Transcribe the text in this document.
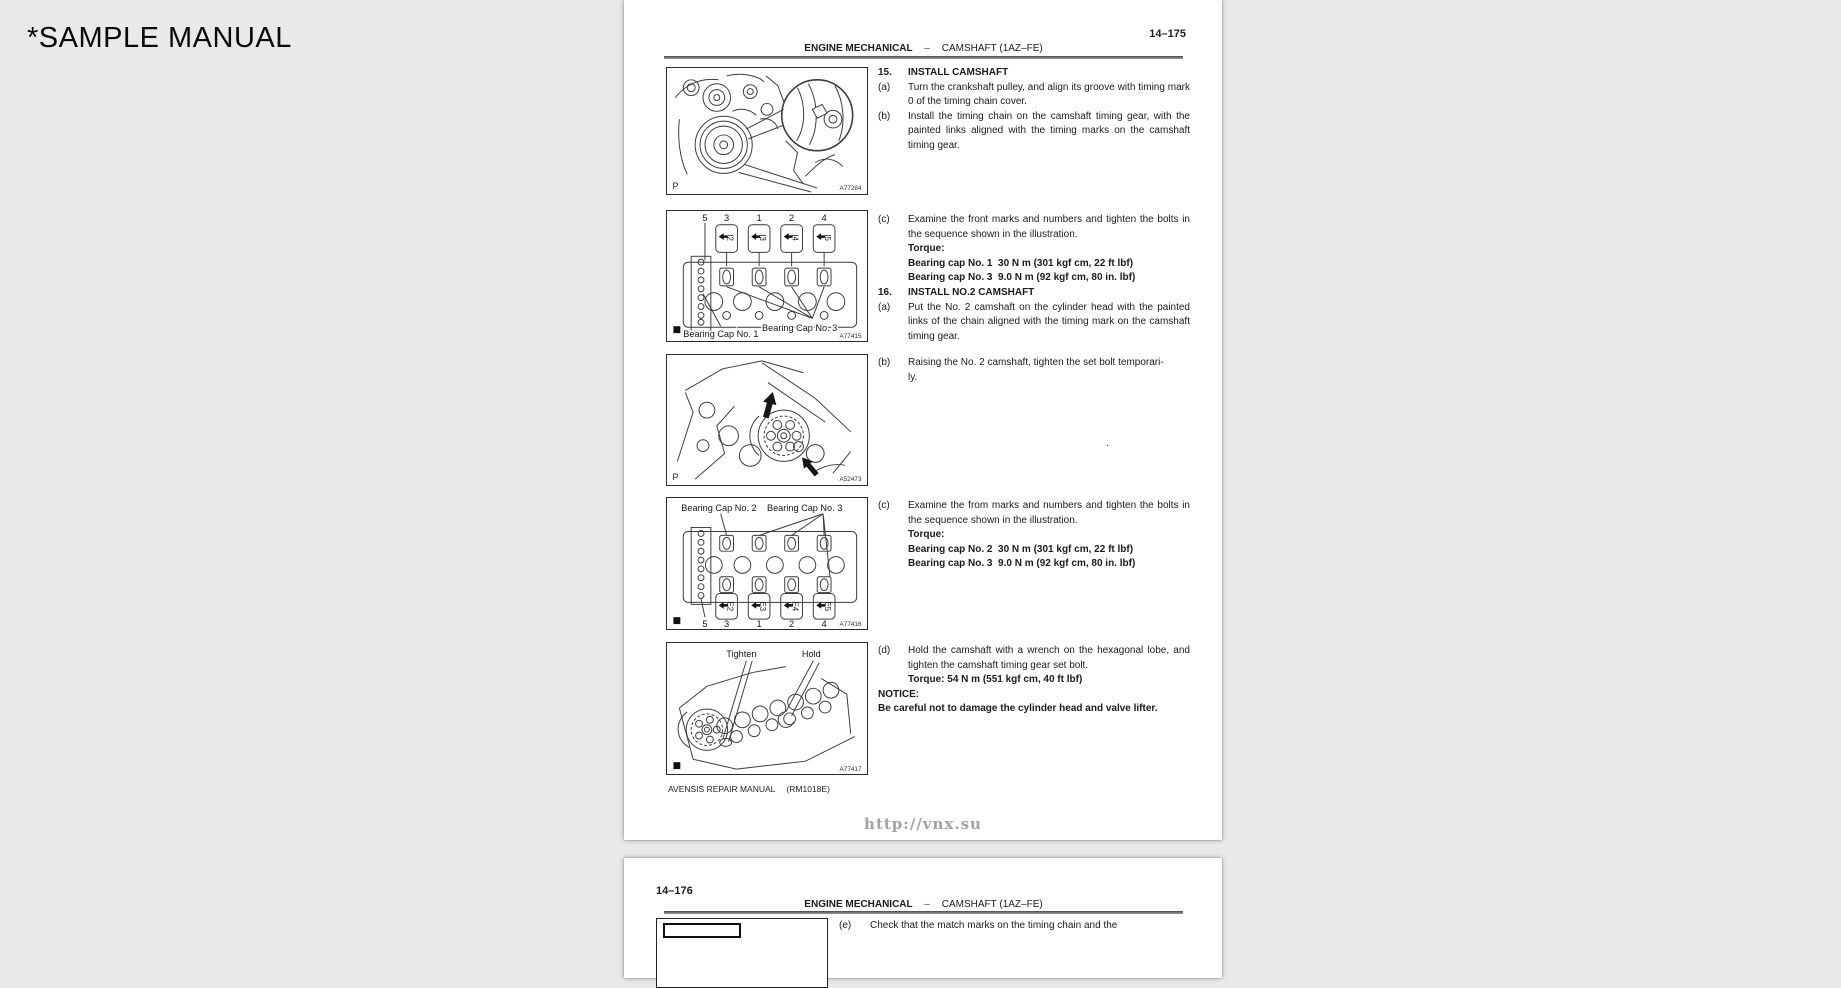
*SAMPLE MANUAL	14–175
ENGINE MECHANICAL – CAMSHAFT (1AZ–FE)
P	A77284
15.	INSTALL CAMSHAFT
(a)	Turn the crankshaft pulley, and align its groove with timing mark 0 of the timing chain cover.
(b)	Install the timing chain on the camshaft timing gear, with the painted links aligned with the timing marks on the camshaft timing gear.
I2	I3	I4	I5
5 3	1	2	4
Bearing Cap No. 1
Bearing Cap No. 3
A77415
(c)	Examine the front marks and numbers and tighten the bolts in the sequence shown in the illustration.
Torque:
Bearing cap No. 1  30 N m (301 kgf cm, 22 ft lbf)
Bearing cap No. 3  9.0 N m (92 kgf cm, 80 in. lbf)
16.	INSTALL NO.2 CAMSHAFT
(a)	Put the No. 2 camshaft on the cylinder head with the painted links of the chain aligned with the timing mark on the camshaft timing gear.
P	A52473
(b)	Raising the No. 2 camshaft, tighten the set bolt temporari-
ly.
.
E2	E3	E4	E5
5 3	1	2	4
Bearing Cap No. 2 Bearing Cap No. 3
A77416
(c)	Examine the from marks and numbers and tighten the bolts in the sequence shown in the illustration.
Torque:
Bearing cap No. 2  30 N m (301 kgf cm, 22 ft lbf)
Bearing cap No. 3  9.0 N m (92 kgf cm, 80 in. lbf)
Tighten	Hold
A77417
(d)	Hold the camshaft with a wrench on the hexagonal lobe, and tighten the camshaft timing gear set bolt.
Torque: 54 N m (551 kgf cm, 40 ft lbf)
NOTICE:
Be careful not to damage the cylinder head and valve lifter.
AVENSIS REPAIR MANUAL (RM1018E)
http://vnx.su
14–176
ENGINE MECHANICAL – CAMSHAFT (1AZ–FE)
(e)	Check that the match marks on the timing chain and the
